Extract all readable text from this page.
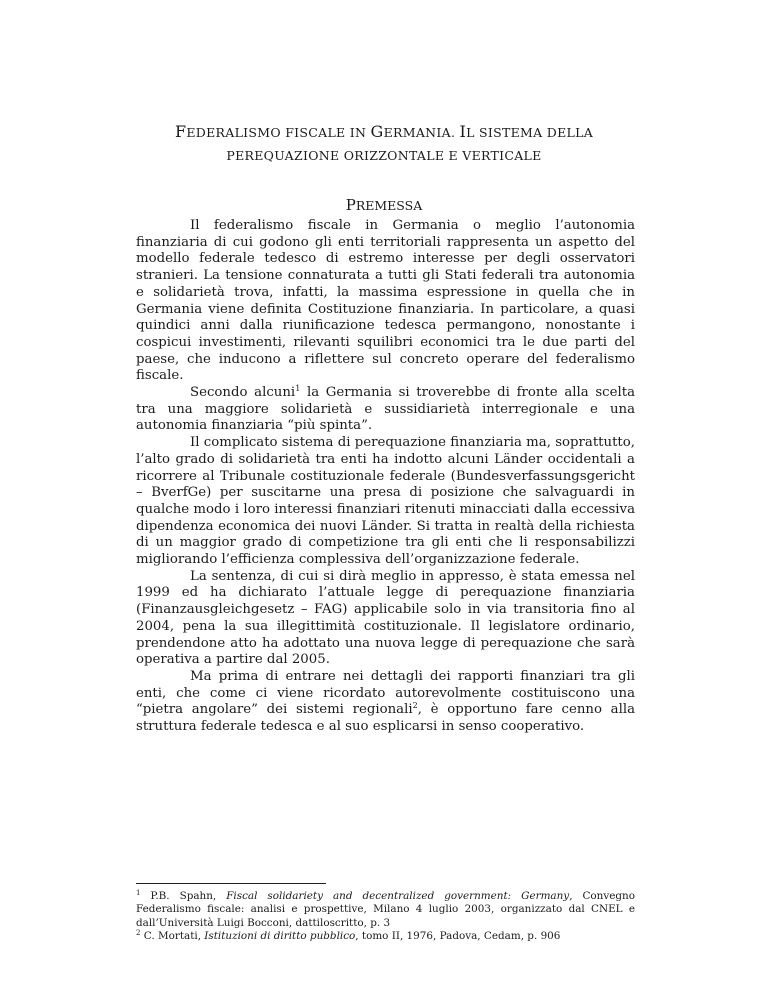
FEDERALISMO FISCALE IN GERMANIA. IL SISTEMA DELLA
PEREQUAZIONE ORIZZONTALE E VERTICALE
PREMESSA

Il federalismo fiscale in Germania o meglio l’autonomia finanziaria di cui godono gli enti territoriali rappresenta un aspetto del modello federale tedesco di estremo interesse per degli osservatori stranieri. La tensione connaturata a tutti gli Stati federali tra autonomia e solidarietà trova, infatti, la massima espressione in quella che in Germania viene definita Costituzione finanziaria. In particolare, a quasi quindici anni dalla riunificazione tedesca permangono, nonostante i cospicui investimenti, rilevanti squilibri economici tra le due parti del paese, che inducono a riflettere sul concreto operare del federalismo fiscale.

Secondo alcuni$^1$ la Germania si troverebbe di fronte alla scelta tra una maggiore solidarietà e sussidiarietà interregionale e una autonomia finanziaria “più spinta”.

Il complicato sistema di perequazione finanziaria ma, soprattutto, l’alto grado di solidarietà tra enti ha indotto alcuni Länder occidentali a ricorrere al Tribunale costituzionale federale (Bundesverfassungsgericht – BverfGe) per suscitarne una presa di posizione che salvaguardi in qualche modo i loro interessi finanziari ritenuti minacciati dalla eccessiva dipendenza economica dei nuovi Länder. Si tratta in realtà della richiesta di un maggior grado di competizione tra gli enti che li responsabilizzi migliorando l’efficienza complessiva dell’organizzazione federale.

La sentenza, di cui si dirà meglio in appresso, è stata emessa nel 1999 ed ha dichiarato l’attuale legge di perequazione finanziaria (Finanzausgleichgesetz – FAG) applicabile solo in via transitoria fino al 2004, pena la sua illegittimità costituzionale. Il legislatore ordinario, prendendone atto ha adottato una nuova legge di perequazione che sarà operativa a partire dal 2005.

Ma prima di entrare nei dettagli dei rapporti finanziari tra gli enti, che come ci viene ricordato autorevolmente costituiscono una “pietra angolare” dei sistemi regionali$^2$, è opportuno fare cenno alla struttura federale tedesca e al suo esplicarsi in senso cooperativo.

$^1$ P.B. Spahn, Fiscal solidariety and decentralized government: Germany, Convegno Federalismo fiscale: analisi e prospettive, Milano 4 luglio 2003, organizzato dal CNEL e dall’Università Luigi Bocconi, dattiloscritto, p. 3

$^2$ C. Mortati, Istituzioni di diritto pubblico, tomo II, 1976, Padova, Cedam, p. 906
